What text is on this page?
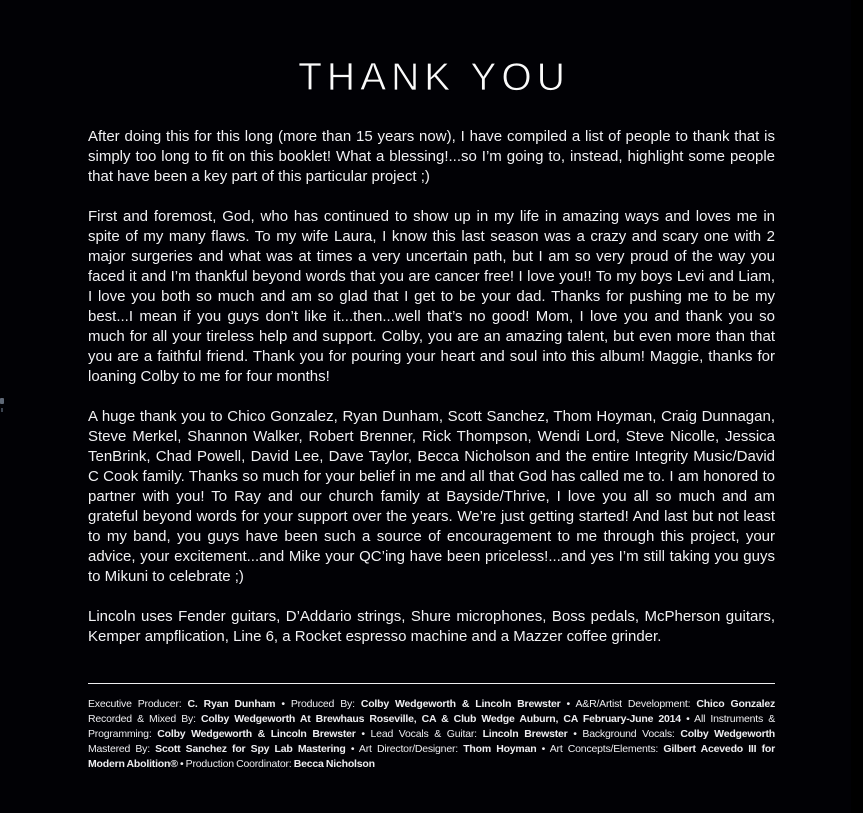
THANK YOU

After doing this for this long (more than 15 years now), I have compiled a list of people to thank that is simply too long to fit on this booklet! What a blessing!...so I’m going to, instead, highlight some people that have been a key part of this particular project ;)

First and foremost, God, who has continued to show up in my life in amazing ways and loves me in spite of my many flaws. To my wife Laura, I know this last season was a crazy and scary one with 2 major surgeries and what was at times a very uncertain path, but I am so very proud of the way you faced it and I’m thankful beyond words that you are cancer free! I love you!! To my boys Levi and Liam, I love you both so much and am so glad that I get to be your dad. Thanks for pushing me to be my best...I mean if you guys don’t like it...then...well that’s no good! Mom, I love you and thank you so much for all your tireless help and support. Colby, you are an amazing talent, but even more than that you are a faithful friend. Thank you for pouring your heart and soul into this album! Maggie, thanks for loaning Colby to me for four months!

A huge thank you to Chico Gonzalez, Ryan Dunham, Scott Sanchez, Thom Hoyman, Craig Dunnagan, Steve Merkel, Shannon Walker, Robert Brenner, Rick Thompson, Wendi Lord, Steve Nicolle, Jessica TenBrink, Chad Powell, David Lee, Dave Taylor, Becca Nicholson and the entire Integrity Music/David C Cook family. Thanks so much for your belief in me and all that God has called me to. I am honored to partner with you! To Ray and our church family at Bayside/Thrive, I love you all so much and am grateful beyond words for your support over the years. We’re just getting started! And last but not least to my band, you guys have been such a source of encouragement to me through this project, your advice, your excitement...and Mike your QC’ing have been priceless!...and yes I’m still taking you guys to Mikuni to celebrate ;)

Lincoln uses Fender guitars, D’Addario strings, Shure microphones, Boss pedals, McPherson guitars, Kemper ampflication, Line 6, a Rocket espresso machine and a Mazzer coffee grinder.

Executive Producer: C. Ryan Dunham • Produced By: Colby Wedgeworth & Lincoln Brewster • A&R/Artist Development: Chico Gonzalez
Recorded & Mixed By: Colby Wedgeworth At Brewhaus Roseville, CA & Club Wedge Auburn, CA February-June 2014 • All Instruments &
Programming: Colby Wedgeworth & Lincoln Brewster • Lead Vocals & Guitar: Lincoln Brewster • Background Vocals: Colby Wedgeworth
Mastered By: Scott Sanchez for Spy Lab Mastering • Art Director/Designer: Thom Hoyman • Art Concepts/Elements: Gilbert Acevedo III for
Modern Abolition® • Production Coordinator: Becca Nicholson
